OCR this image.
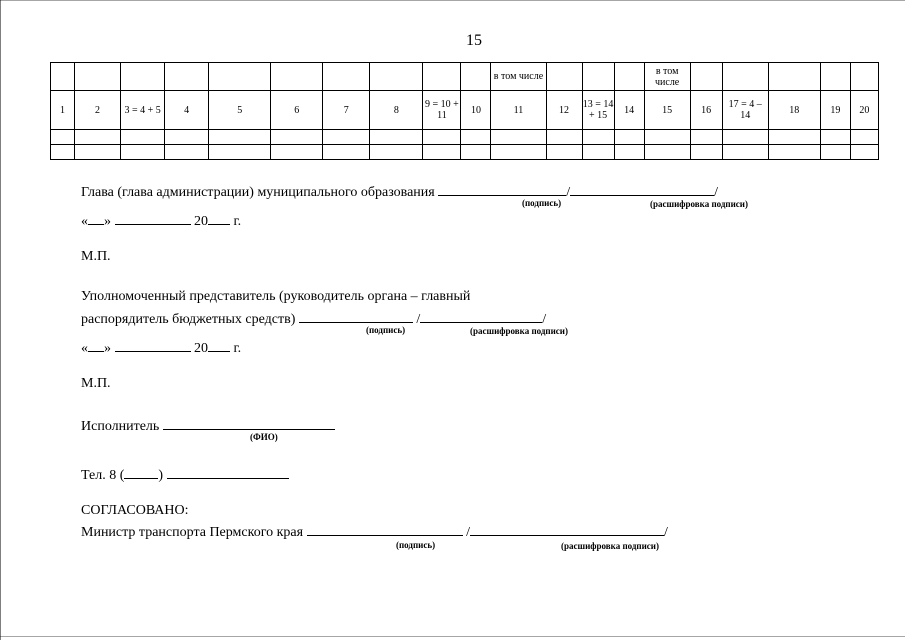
15
										в том числе				в том числе					
1	2	3 = 4 + 5	4	5	6	7	8	9 = 10 + 11	10	11	12	13 = 14 + 15	14	15	16	17 = 4 – 14	18	19	20

Глава (глава администрации) муниципального образования	/	/
(подпись)	(расшифровка подписи)
« »	20 г.
М.П.
Уполномоченный представитель (руководитель органа – главный
распорядитель бюджетных средств)	/	/
(подпись)	(расшифровка подписи)
« »	20 г.
М.П.
Исполнитель
(ФИО)
Тел. 8 ( )
СОГЛАСОВАНО:
Министр транспорта Пермского края	/	/
(подпись)	(расшифровка подписи)
